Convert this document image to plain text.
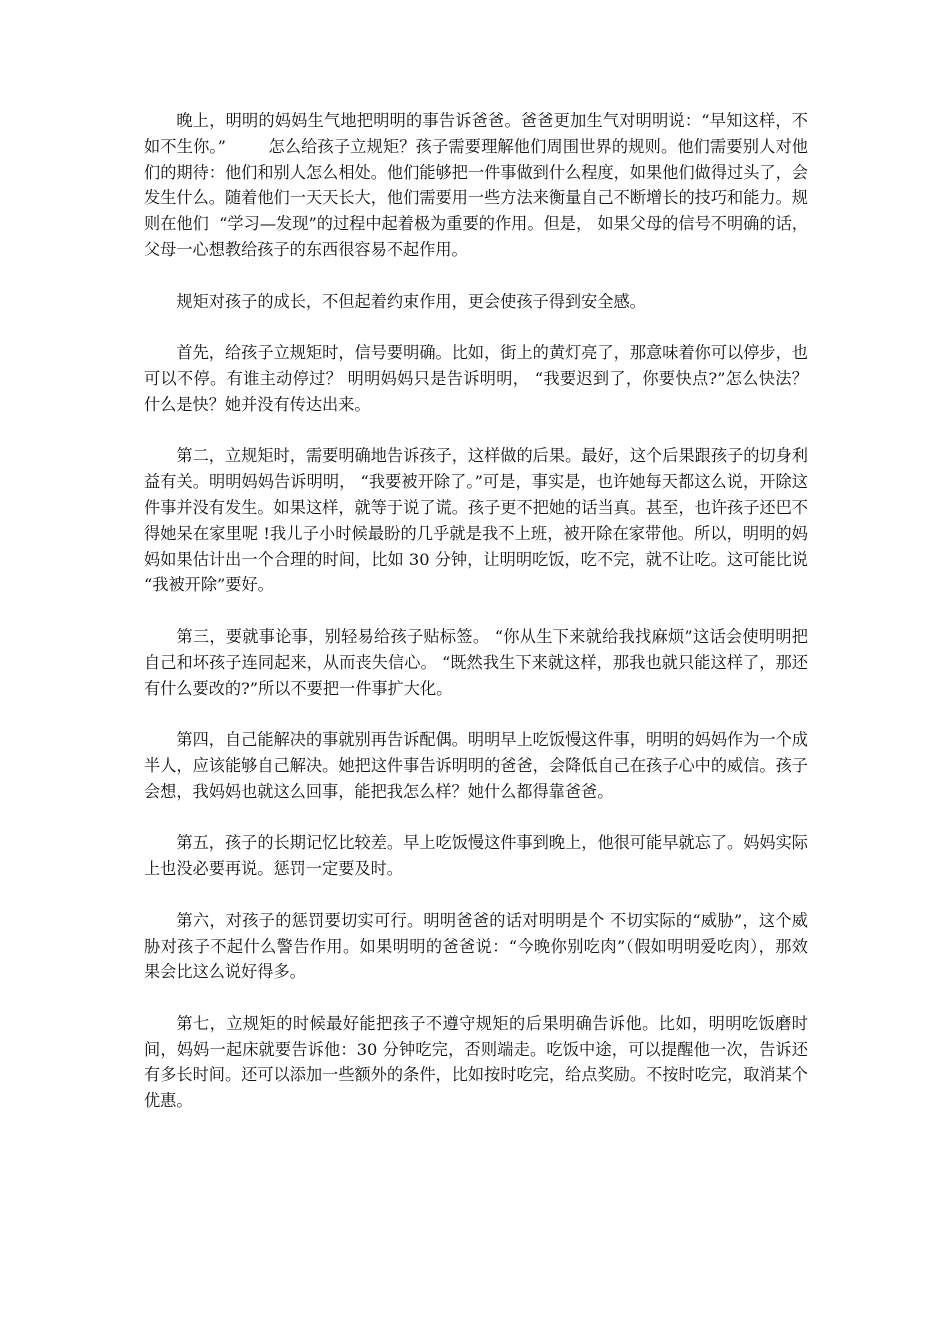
晚上，明明的妈妈生气地把明明的事告诉爸爸。爸爸更加生气对明明说：“早知这样，不如不生你。”        怎么给孩子立规矩？孩子需要理解他们周围世界的规则。他们需要别人对他们的期待：他们和别人怎么相处。他们能够把一件事做到什么程度，如果他们做得过头了，会发生什么。随着他们一天天长大，他们需要用一些方法来衡量自己不断增长的技巧和能力。规则在他们  “学习—发现”的过程中起着极为重要的作用。但是， 如果父母的信号不明确的话，父母一心想教给孩子的东西很容易不起作用。

规矩对孩子的成长，不但起着约束作用，更会使孩子得到安全感。

首先，给孩子立规矩时，信号要明确。比如，街上的黄灯亮了，那意味着你可以停步，也可以不停。有谁主动停过？ 明明妈妈只是告诉明明， “我要迟到了，你要快点?”怎么快法？什么是快？她并没有传达出来。

第二，立规矩时，需要明确地告诉孩子，这样做的后果。最好，这个后果跟孩子的切身利益有关。明明妈妈告诉明明， “我要被开除了。”可是，事实是，也许她每天都这么说，开除这件事并没有发生。如果这样，就等于说了谎。孩子更不把她的话当真。甚至，也许孩子还巴不得她呆在家里呢 !我儿子小时候最盼的几乎就是我不上班，被开除在家带他。所以，明明的妈妈如果估计出一个合理的时间，比如 30 分钟，让明明吃饭，吃不完，就不让吃。这可能比说 “我被开除”要好。

第三，要就事论事，别轻易给孩子贴标签。 “你从生下来就给我找麻烦”这话会使明明把自己和坏孩子连同起来，从而丧失信心。 “既然我生下来就这样，那我也就只能这样了，那还有什么要改的?”所以不要把一件事扩大化。

第四，自己能解决的事就别再告诉配偶。明明早上吃饭慢这件事，明明的妈妈作为一个成半人，应该能够自己解决。她把这件事告诉明明的爸爸，会降低自己在孩子心中的威信。孩子会想，我妈妈也就这么回事，能把我怎么样？她什么都得靠爸爸。

第五，孩子的长期记忆比较差。早上吃饭慢这件事到晚上，他很可能早就忘了。妈妈实际上也没必要再说。惩罚一定要及时。

第六，对孩子的惩罚要切实可行。明明爸爸的话对明明是个 不切实际的“威胁”，这个威胁对孩子不起什么警告作用。如果明明的爸爸说：“今晚你别吃肉”（假如明明爱吃肉），那效果会比这么说好得多。

第七，立规矩的时候最好能把孩子不遵守规矩的后果明确告诉他。比如，明明吃饭磨时间，妈妈一起床就要告诉他：30 分钟吃完，否则端走。吃饭中途，可以提醒他一次，告诉还有多长时间。还可以添加一些额外的条件，比如按时吃完，给点奖励。不按时吃完，取消某个优惠。
